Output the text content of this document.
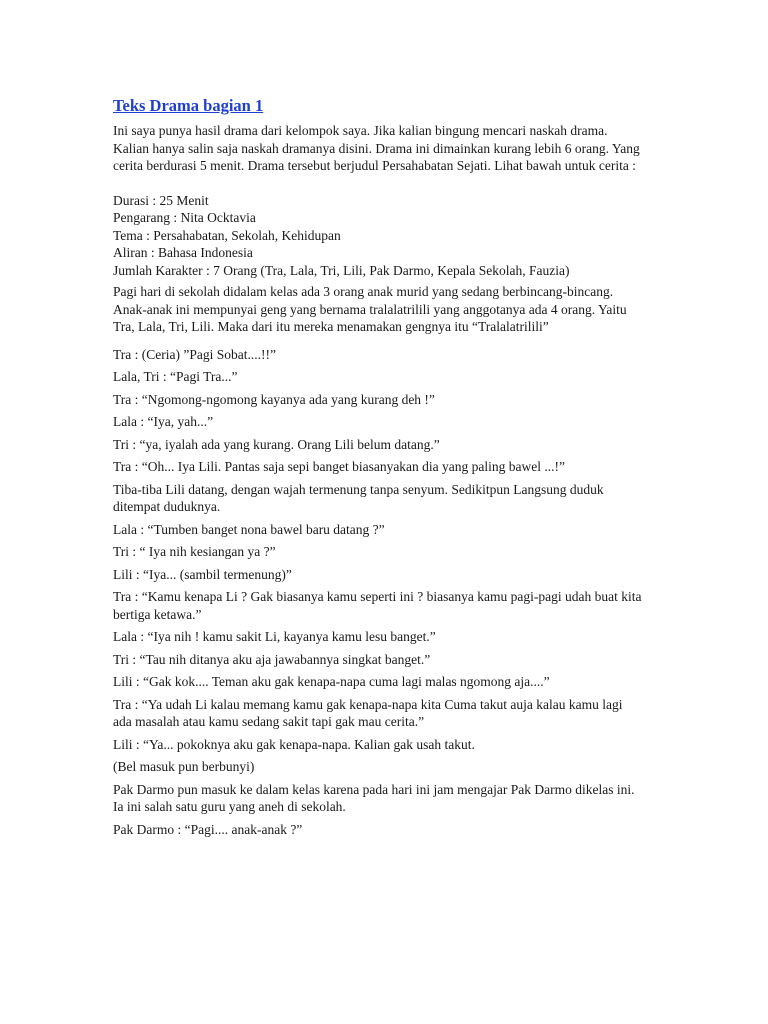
Teks Drama bagian 1

Ini saya punya hasil drama dari kelompok saya. Jika kalian bingung mencari naskah drama. Kalian hanya salin saja naskah dramanya disini. Drama ini dimainkan kurang lebih 6 orang. Yang cerita berdurasi 5 menit. Drama tersebut berjudul Persahabatan Sejati. Lihat bawah untuk cerita :

Durasi : 25 Menit

Pengarang : Nita Ocktavia

Tema : Persahabatan, Sekolah, Kehidupan

Aliran : Bahasa Indonesia

Jumlah Karakter : 7 Orang (Tra, Lala, Tri, Lili, Pak Darmo, Kepala Sekolah, Fauzia)

Pagi hari di sekolah didalam kelas ada 3 orang anak murid yang sedang berbincang-bincang. Anak-anak ini mempunyai geng yang bernama tralalatrilili yang anggotanya ada 4 orang. Yaitu Tra, Lala, Tri, Lili. Maka dari itu mereka menamakan gengnya itu “Tralalatrilili”

Tra : (Ceria) ”Pagi Sobat....!!”

Lala, Tri : “Pagi Tra...”

Tra : “Ngomong-ngomong kayanya ada yang kurang deh !”

Lala : “Iya, yah...”

Tri : “ya, iyalah ada yang kurang. Orang Lili belum datang.”

Tra : “Oh... Iya Lili. Pantas saja sepi banget biasanyakan dia yang paling bawel ...!”

Tiba-tiba Lili datang, dengan wajah termenung tanpa senyum. Sedikitpun Langsung duduk ditempat duduknya.

Lala : “Tumben banget nona bawel baru datang ?”

Tri : “ Iya nih kesiangan ya ?”

Lili : “Iya... (sambil termenung)”

Tra : “Kamu kenapa Li ? Gak biasanya kamu seperti ini ? biasanya kamu pagi-pagi udah buat kita bertiga ketawa.”

Lala : “Iya nih ! kamu sakit Li, kayanya kamu lesu banget.”

Tri : “Tau nih ditanya aku aja jawabannya singkat banget.”

Lili : “Gak kok.... Teman aku gak kenapa-napa cuma lagi malas ngomong aja....”

Tra : “Ya udah Li kalau memang kamu gak kenapa-napa kita Cuma takut auja kalau kamu lagi ada masalah atau kamu sedang sakit tapi gak mau cerita.”

Lili : “Ya... pokoknya aku gak kenapa-napa. Kalian gak usah takut.

(Bel masuk pun berbunyi)

Pak Darmo pun masuk ke dalam kelas karena pada hari ini jam mengajar Pak Darmo dikelas ini. Ia ini salah satu guru yang aneh di sekolah.

Pak Darmo : “Pagi.... anak-anak ?”
